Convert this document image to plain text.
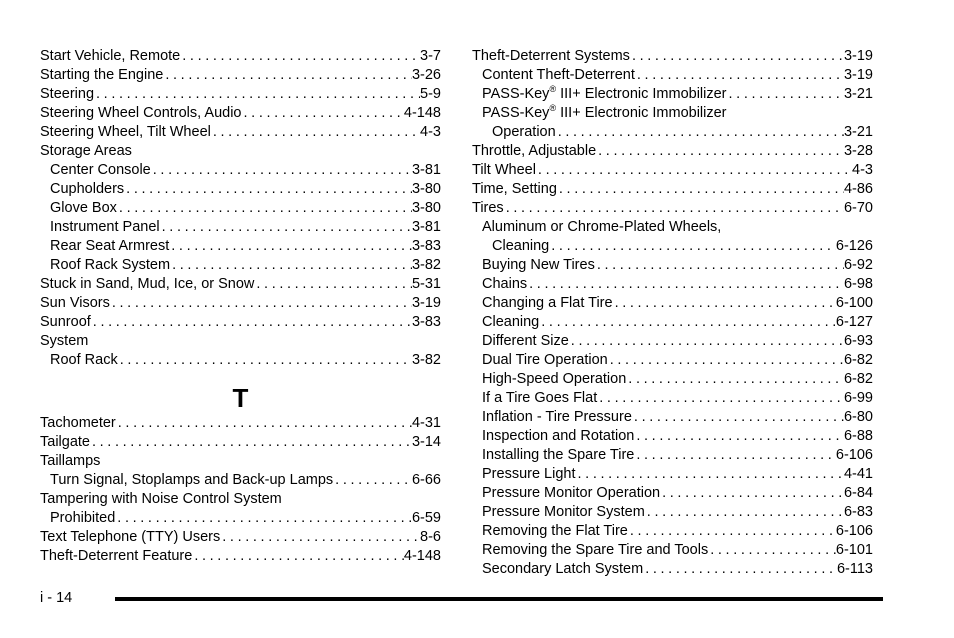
Start Vehicle, Remote . . .	3-7
Starting the Engine . . .	3-26
Steering . . .	5-9
Steering Wheel Controls, Audio . . .	4-148
Steering Wheel, Tilt Wheel . . .	4-3
Storage Areas
Center Console . . .	3-81
Cupholders . . .	3-80
Glove Box . . .	3-80
Instrument Panel . . .	3-81
Rear Seat Armrest . . .	3-83
Roof Rack System . . .	3-82
Stuck in Sand, Mud, Ice, or Snow . . .	5-31
Sun Visors . . .	3-19
Sunroof . . .	3-83
System
Roof Rack . . .	3-82
T
Tachometer . . .	4-31
Tailgate . . .	3-14
Taillamps
Turn Signal, Stoplamps and Back-up Lamps . . .	6-66
Tampering with Noise Control System
Prohibited . . .	6-59
Text Telephone (TTY) Users . . .	8-6
Theft-Deterrent Feature . . .	4-148
Theft-Deterrent Systems . . .	3-19
Content Theft-Deterrent . . .	3-19
PASS-Key® III+ Electronic Immobilizer . . .	3-21
PASS-Key® III+ Electronic Immobilizer
Operation . . .	3-21
Throttle, Adjustable . . .	3-28
Tilt Wheel . . .	4-3
Time, Setting . . .	4-86
Tires . . .	6-70
Aluminum or Chrome-Plated Wheels,
Cleaning . . .	6-126
Buying New Tires . . .	6-92
Chains . . .	6-98
Changing a Flat Tire . . .	6-100
Cleaning . . .	6-127
Different Size . . .	6-93
Dual Tire Operation . . .	6-82
High-Speed Operation . . .	6-82
If a Tire Goes Flat . . .	6-99
Inflation - Tire Pressure . . .	6-80
Inspection and Rotation . . .	6-88
Installing the Spare Tire . . .	6-106
Pressure Light . . .	4-41
Pressure Monitor Operation . . .	6-84
Pressure Monitor System . . .	6-83
Removing the Flat Tire . . .	6-106
Removing the Spare Tire and Tools . . .	6-101
Secondary Latch System . . .	6-113
i - 14
